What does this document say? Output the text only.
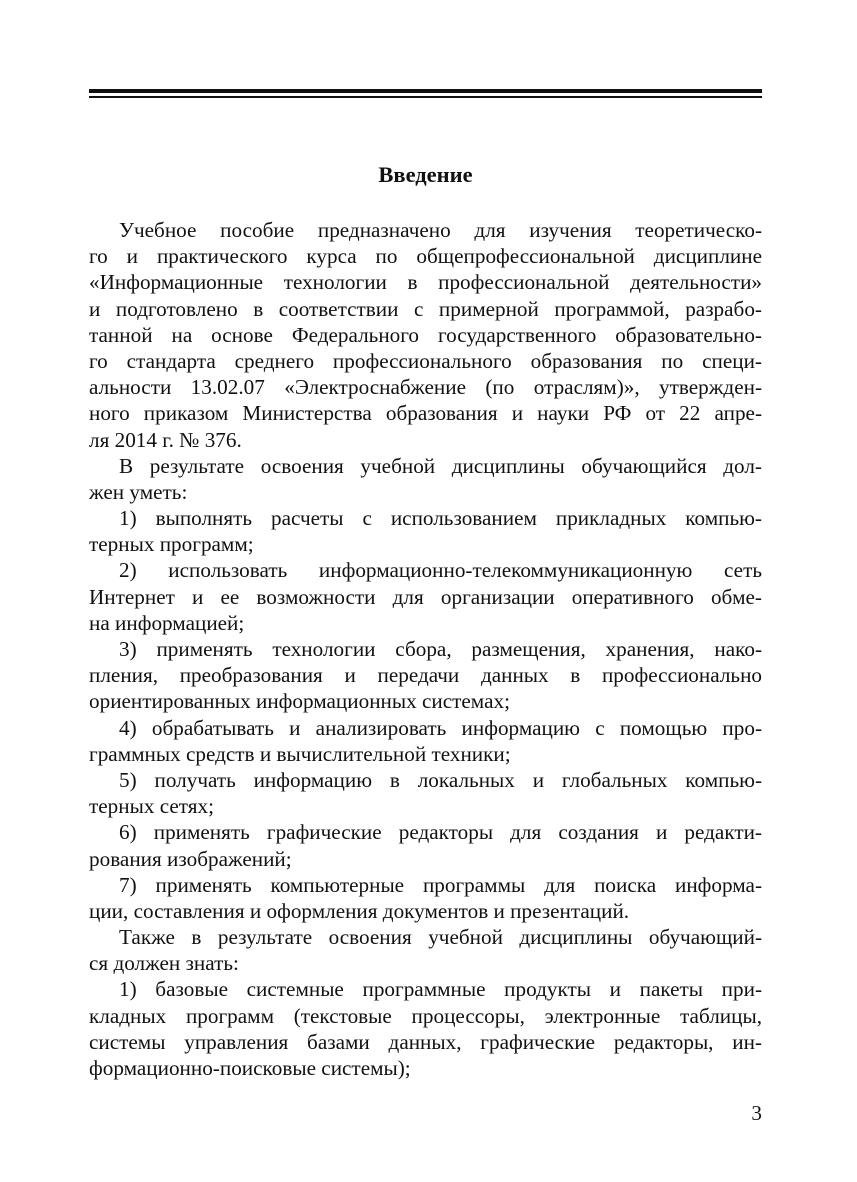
Введение
Учебное пособие предназначено для изучения теоретическо-
го и практического курса по общепрофессиональной дисциплине
«Информационные технологии в профессиональной деятельности»
и подготовлено в соответствии с примерной программой, разрабо-
танной на основе Федерального государственного образовательно-
го стандарта среднего профессионального образования по специ-
альности 13.02.07 «Электроснабжение (по отраслям)», утвержден-
ного приказом Министерства образования и науки РФ от 22 апре-
ля 2014 г. № 376.
В результате освоения учебной дисциплины обучающийся дол-
жен уметь:
1) выполнять расчеты с использованием прикладных компью-
терных программ;
2) использовать информационно-телекоммуникационную сеть
Интернет и ее возможности для организации оперативного обме-
на информацией;
3) применять технологии сбора, размещения, хранения, нако-
пления, преобразования и передачи данных в профессионально
ориентированных информационных системах;
4) обрабатывать и анализировать информацию с помощью про-
граммных средств и вычислительной техники;
5) получать информацию в локальных и глобальных компью-
терных сетях;
6) применять графические редакторы для создания и редакти-
рования изображений;
7) применять компьютерные программы для поиска информа-
ции, составления и оформления документов и презентаций.
Также в результате освоения учебной дисциплины обучающий-
ся должен знать:
1) базовые системные программные продукты и пакеты при-
кладных программ (текстовые процессоры, электронные таблицы,
системы управления базами данных, графические редакторы, ин-
формационно-поисковые системы);
3
